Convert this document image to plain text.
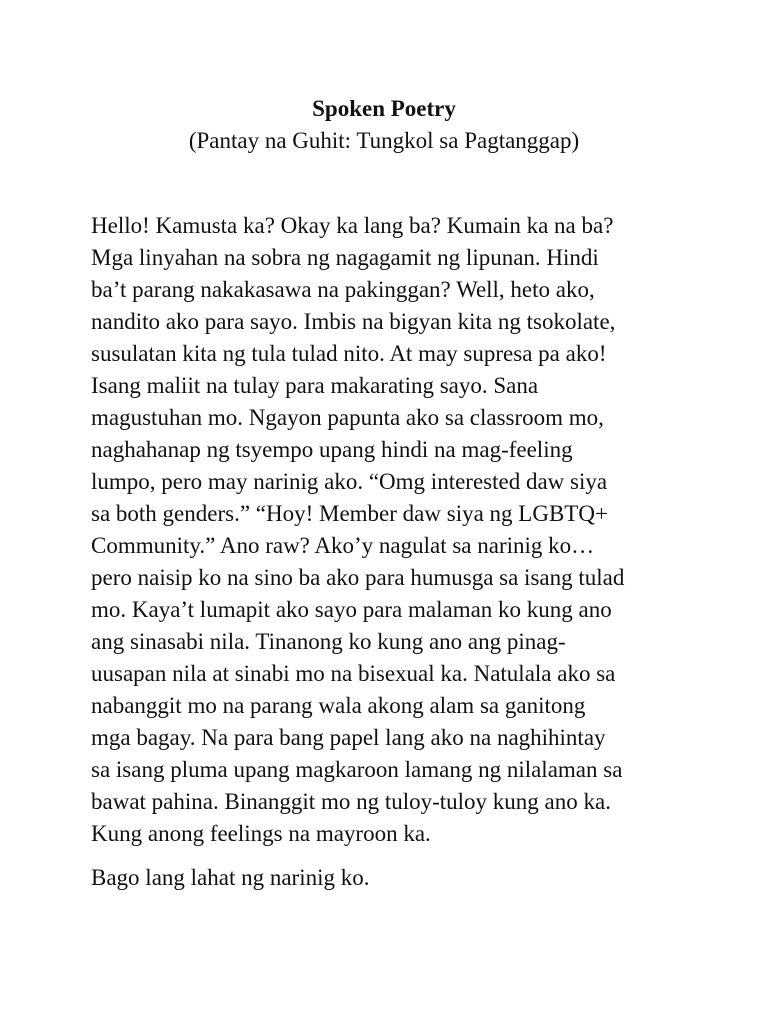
Spoken Poetry

(Pantay na Guhit: Tungkol sa Pagtanggap)

Hello! Kamusta ka? Okay ka lang ba? Kumain ka na ba?
Mga linyahan na sobra ng nagagamit ng lipunan. Hindi
ba’t parang nakakasawa na pakinggan? Well, heto ako,
nandito ako para sayo. Imbis na bigyan kita ng tsokolate,
susulatan kita ng tula tulad nito. At may supresa pa ako!
Isang maliit na tulay para makarating sayo. Sana
magustuhan mo. Ngayon papunta ako sa classroom mo,
naghahanap ng tsyempo upang hindi na mag-feeling
lumpo, pero may narinig ako. “Omg interested daw siya
sa both genders.” “Hoy! Member daw siya ng LGBTQ+
Community.” Ano raw? Ako’y nagulat sa narinig ko…
pero naisip ko na sino ba ako para humusga sa isang tulad
mo. Kaya’t lumapit ako sayo para malaman ko kung ano
ang sinasabi nila. Tinanong ko kung ano ang pinag-
uusapan nila at sinabi mo na bisexual ka. Natulala ako sa
nabanggit mo na parang wala akong alam sa ganitong
mga bagay. Na para bang papel lang ako na naghihintay
sa isang pluma upang magkaroon lamang ng nilalaman sa
bawat pahina. Binanggit mo ng tuloy-tuloy kung ano ka.
Kung anong feelings na mayroon ka.
Bago lang lahat ng narinig ko.
